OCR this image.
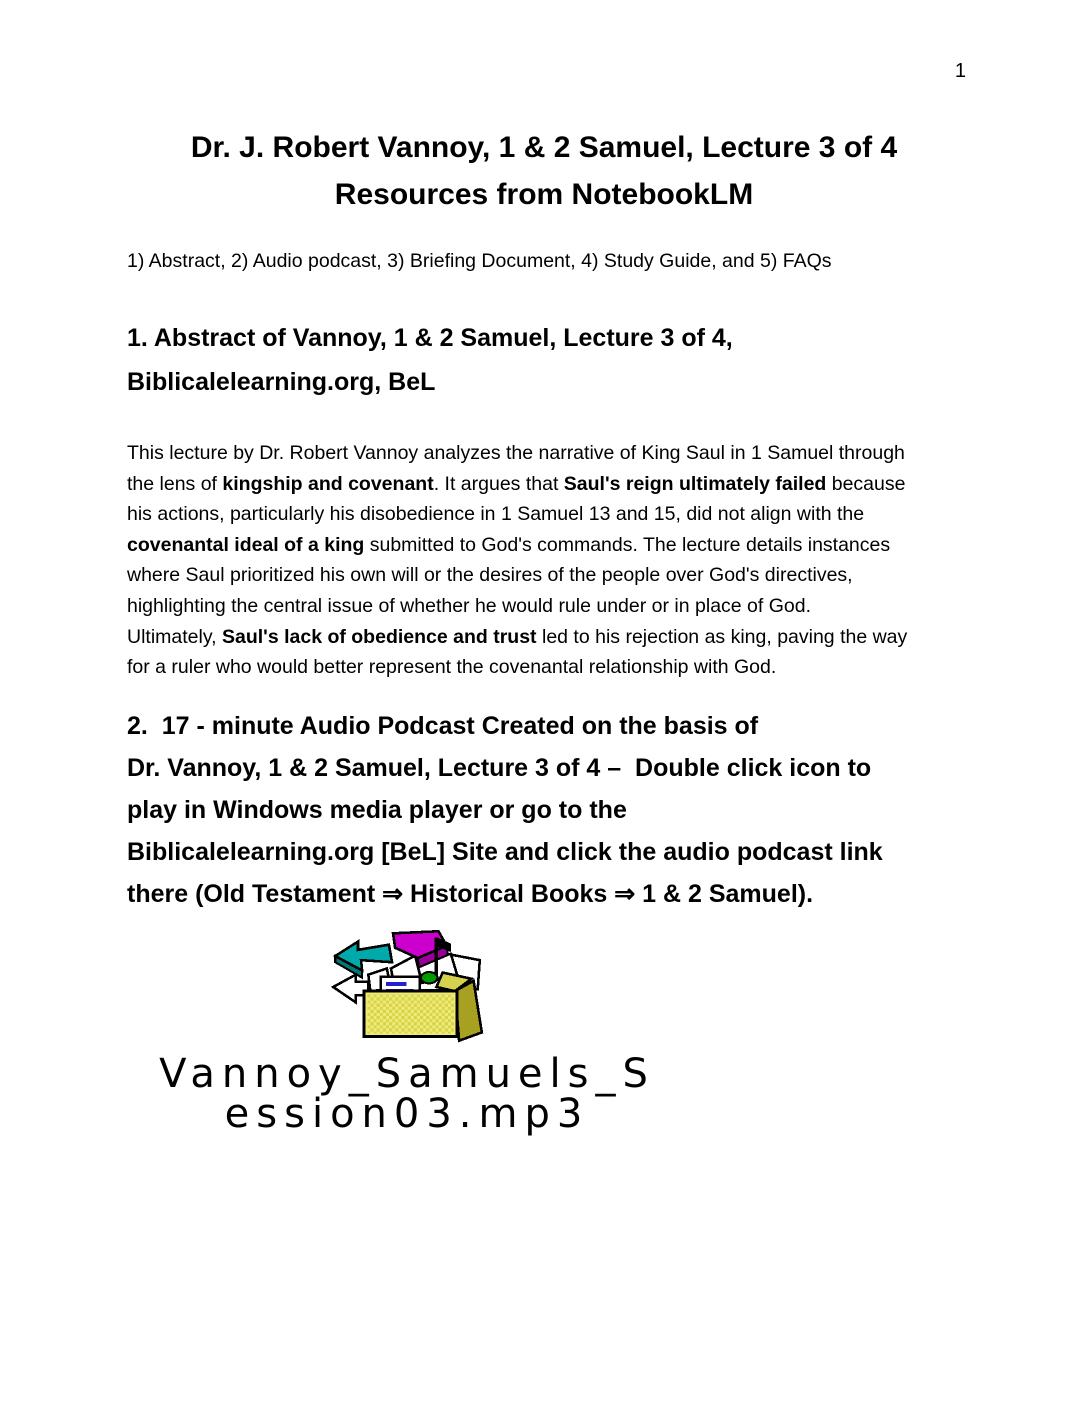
1
Dr. J. Robert Vannoy, 1 & 2 Samuel, Lecture 3 of 4
Resources from NotebookLM
1) Abstract, 2) Audio podcast, 3) Briefing Document, 4) Study Guide, and 5) FAQs
1. Abstract of Vannoy, 1 & 2 Samuel, Lecture 3 of 4,
Biblicalelearning.org, BeL
This lecture by Dr. Robert Vannoy analyzes the narrative of King Saul in 1 Samuel through
the lens of kingship and covenant. It argues that Saul's reign ultimately failed because
his actions, particularly his disobedience in 1 Samuel 13 and 15, did not align with the
covenantal ideal of a king submitted to God's commands. The lecture details instances
where Saul prioritized his own will or the desires of the people over God's directives,
highlighting the central issue of whether he would rule under or in place of God.
Ultimately, Saul's lack of obedience and trust led to his rejection as king, paving the way
for a ruler who would better represent the covenantal relationship with God.
2.  17 - minute Audio Podcast Created on the basis of
Dr. Vannoy, 1 & 2 Samuel, Lecture 3 of 4 –  Double click icon to
play in Windows media player or go to the
Biblicalelearning.org [BeL] Site and click the audio podcast link
there (Old Testament ⇒ Historical Books ⇒ 1 & 2 Samuel).
Vannoy_Samuels_S
ession03.mp3
